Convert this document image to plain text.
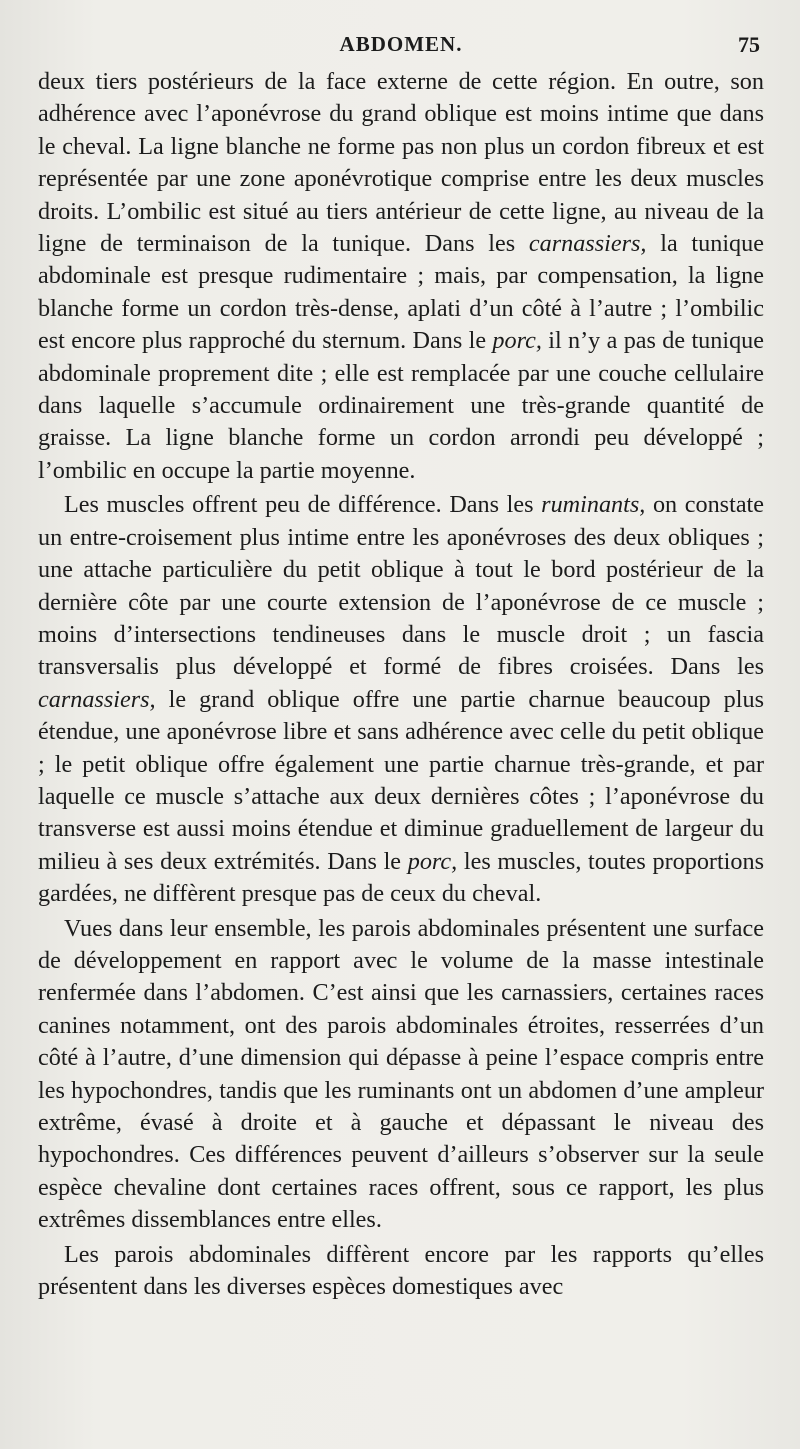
ABDOMEN.	75

deux tiers postérieurs de la face externe de cette région. En outre, son adhérence avec l’aponévrose du grand oblique est moins intime que dans le cheval. La ligne blanche ne forme pas non plus un cordon fibreux et est représentée par une zone aponévrotique comprise entre les deux muscles droits. L’ombilic est situé au tiers antérieur de cette ligne, au niveau de la ligne de terminaison de la tunique. Dans les carnassiers, la tunique abdominale est presque rudimentaire ; mais, par compensation, la ligne blanche forme un cordon très-dense, aplati d’un côté à l’autre ; l’ombilic est encore plus rapproché du sternum. Dans le porc, il n’y a pas de tunique abdominale proprement dite ; elle est remplacée par une couche cellulaire dans laquelle s’accumule ordinairement une très-grande quantité de graisse. La ligne blanche forme un cordon arrondi peu développé ; l’ombilic en occupe la partie moyenne.

Les muscles offrent peu de différence. Dans les ruminants, on constate un entre-croisement plus intime entre les aponévroses des deux obliques ; une attache particulière du petit oblique à tout le bord postérieur de la dernière côte par une courte extension de l’aponévrose de ce muscle ; moins d’intersections tendineuses dans le muscle droit ; un fascia transversalis plus développé et formé de fibres croisées. Dans les carnassiers, le grand oblique offre une partie charnue beaucoup plus étendue, une aponévrose libre et sans adhérence avec celle du petit oblique ; le petit oblique offre également une partie charnue très-grande, et par laquelle ce muscle s’attache aux deux dernières côtes ; l’aponévrose du transverse est aussi moins étendue et diminue graduellement de largeur du milieu à ses deux extrémités. Dans le porc, les muscles, toutes proportions gardées, ne diffèrent presque pas de ceux du cheval.

Vues dans leur ensemble, les parois abdominales présentent une surface de développement en rapport avec le volume de la masse intestinale renfermée dans l’abdomen. C’est ainsi que les carnassiers, certaines races canines notamment, ont des parois abdominales étroites, resserrées d’un côté à l’autre, d’une dimension qui dépasse à peine l’espace compris entre les hypochondres, tandis que les ruminants ont un abdomen d’une ampleur extrême, évasé à droite et à gauche et dépassant le niveau des hypochondres. Ces différences peuvent d’ailleurs s’observer sur la seule espèce chevaline dont certaines races offrent, sous ce rapport, les plus extrêmes dissemblances entre elles.

Les parois abdominales diffèrent encore par les rapports qu’elles présentent dans les diverses espèces domestiques avec
